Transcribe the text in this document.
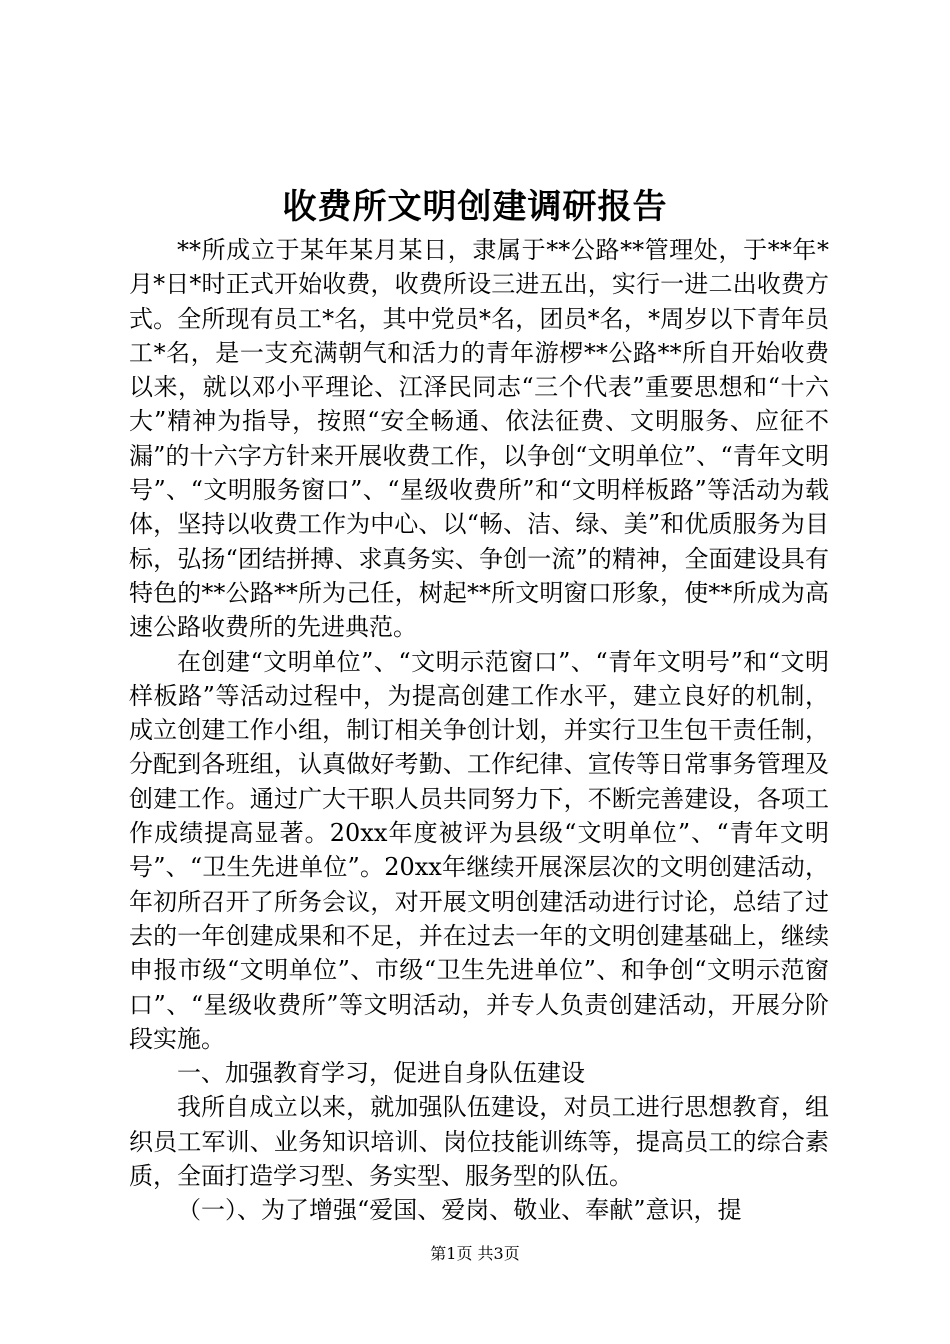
收费所文明创建调研报告

**所成立于某年某月某日，隶属于**公路**管理处，于**年*月*日*时正式开始收费，收费所设三进五出，实行一进二出收费方式。全所现有员工*名，其中党员*名，团员*名，*周岁以下青年员工*名，是一支充满朝气和活力的青年游椤**公路**所自开始收费以来，就以邓小平理论、江泽民同志“三个代表”重要思想和“十六大”精神为指导，按照“安全畅通、依法征费、文明服务、应征不漏”的十六字方针来开展收费工作，以争创“文明单位”、“青年文明号”、“文明服务窗口”、“星级收费所”和“文明样板路”等活动为载体，坚持以收费工作为中心、以“畅、洁、绿、美”和优质服务为目标，弘扬“团结拼搏、求真务实、争创一流”的精神，全面建设具有特色的**公路**所为己任，树起**所文明窗口形象，使**所成为高速公路收费所的先进典范。

在创建“文明单位”、“文明示范窗口”、“青年文明号”和“文明样板路”等活动过程中，为提高创建工作水平，建立良好的机制，成立创建工作小组，制订相关争创计划，并实行卫生包干责任制，分配到各班组，认真做好考勤、工作纪律、宣传等日常事务管理及创建工作。通过广大干职人员共同努力下，不断完善建设，各项工作成绩提高显著。20xx年度被评为县级“文明单位”、“青年文明号”、“卫生先进单位”。20xx年继续开展深层次的文明创建活动，年初所召开了所务会议，对开展文明创建活动进行讨论，总结了过去的一年创建成果和不足，并在过去一年的文明创建基础上，继续申报市级“文明单位”、市级“卫生先进单位”、和争创“文明示范窗口”、“星级收费所”等文明活动，并专人负责创建活动，开展分阶段实施。

一、加强教育学习，促进自身队伍建设

我所自成立以来，就加强队伍建设，对员工进行思想教育，组织员工军训、业务知识培训、岗位技能训练等，提高员工的综合素质，全面打造学习型、务实型、服务型的队伍。

（一）、为了增强“爱国、爱岗、敬业、奉献”意识，提

第1页 共3页
